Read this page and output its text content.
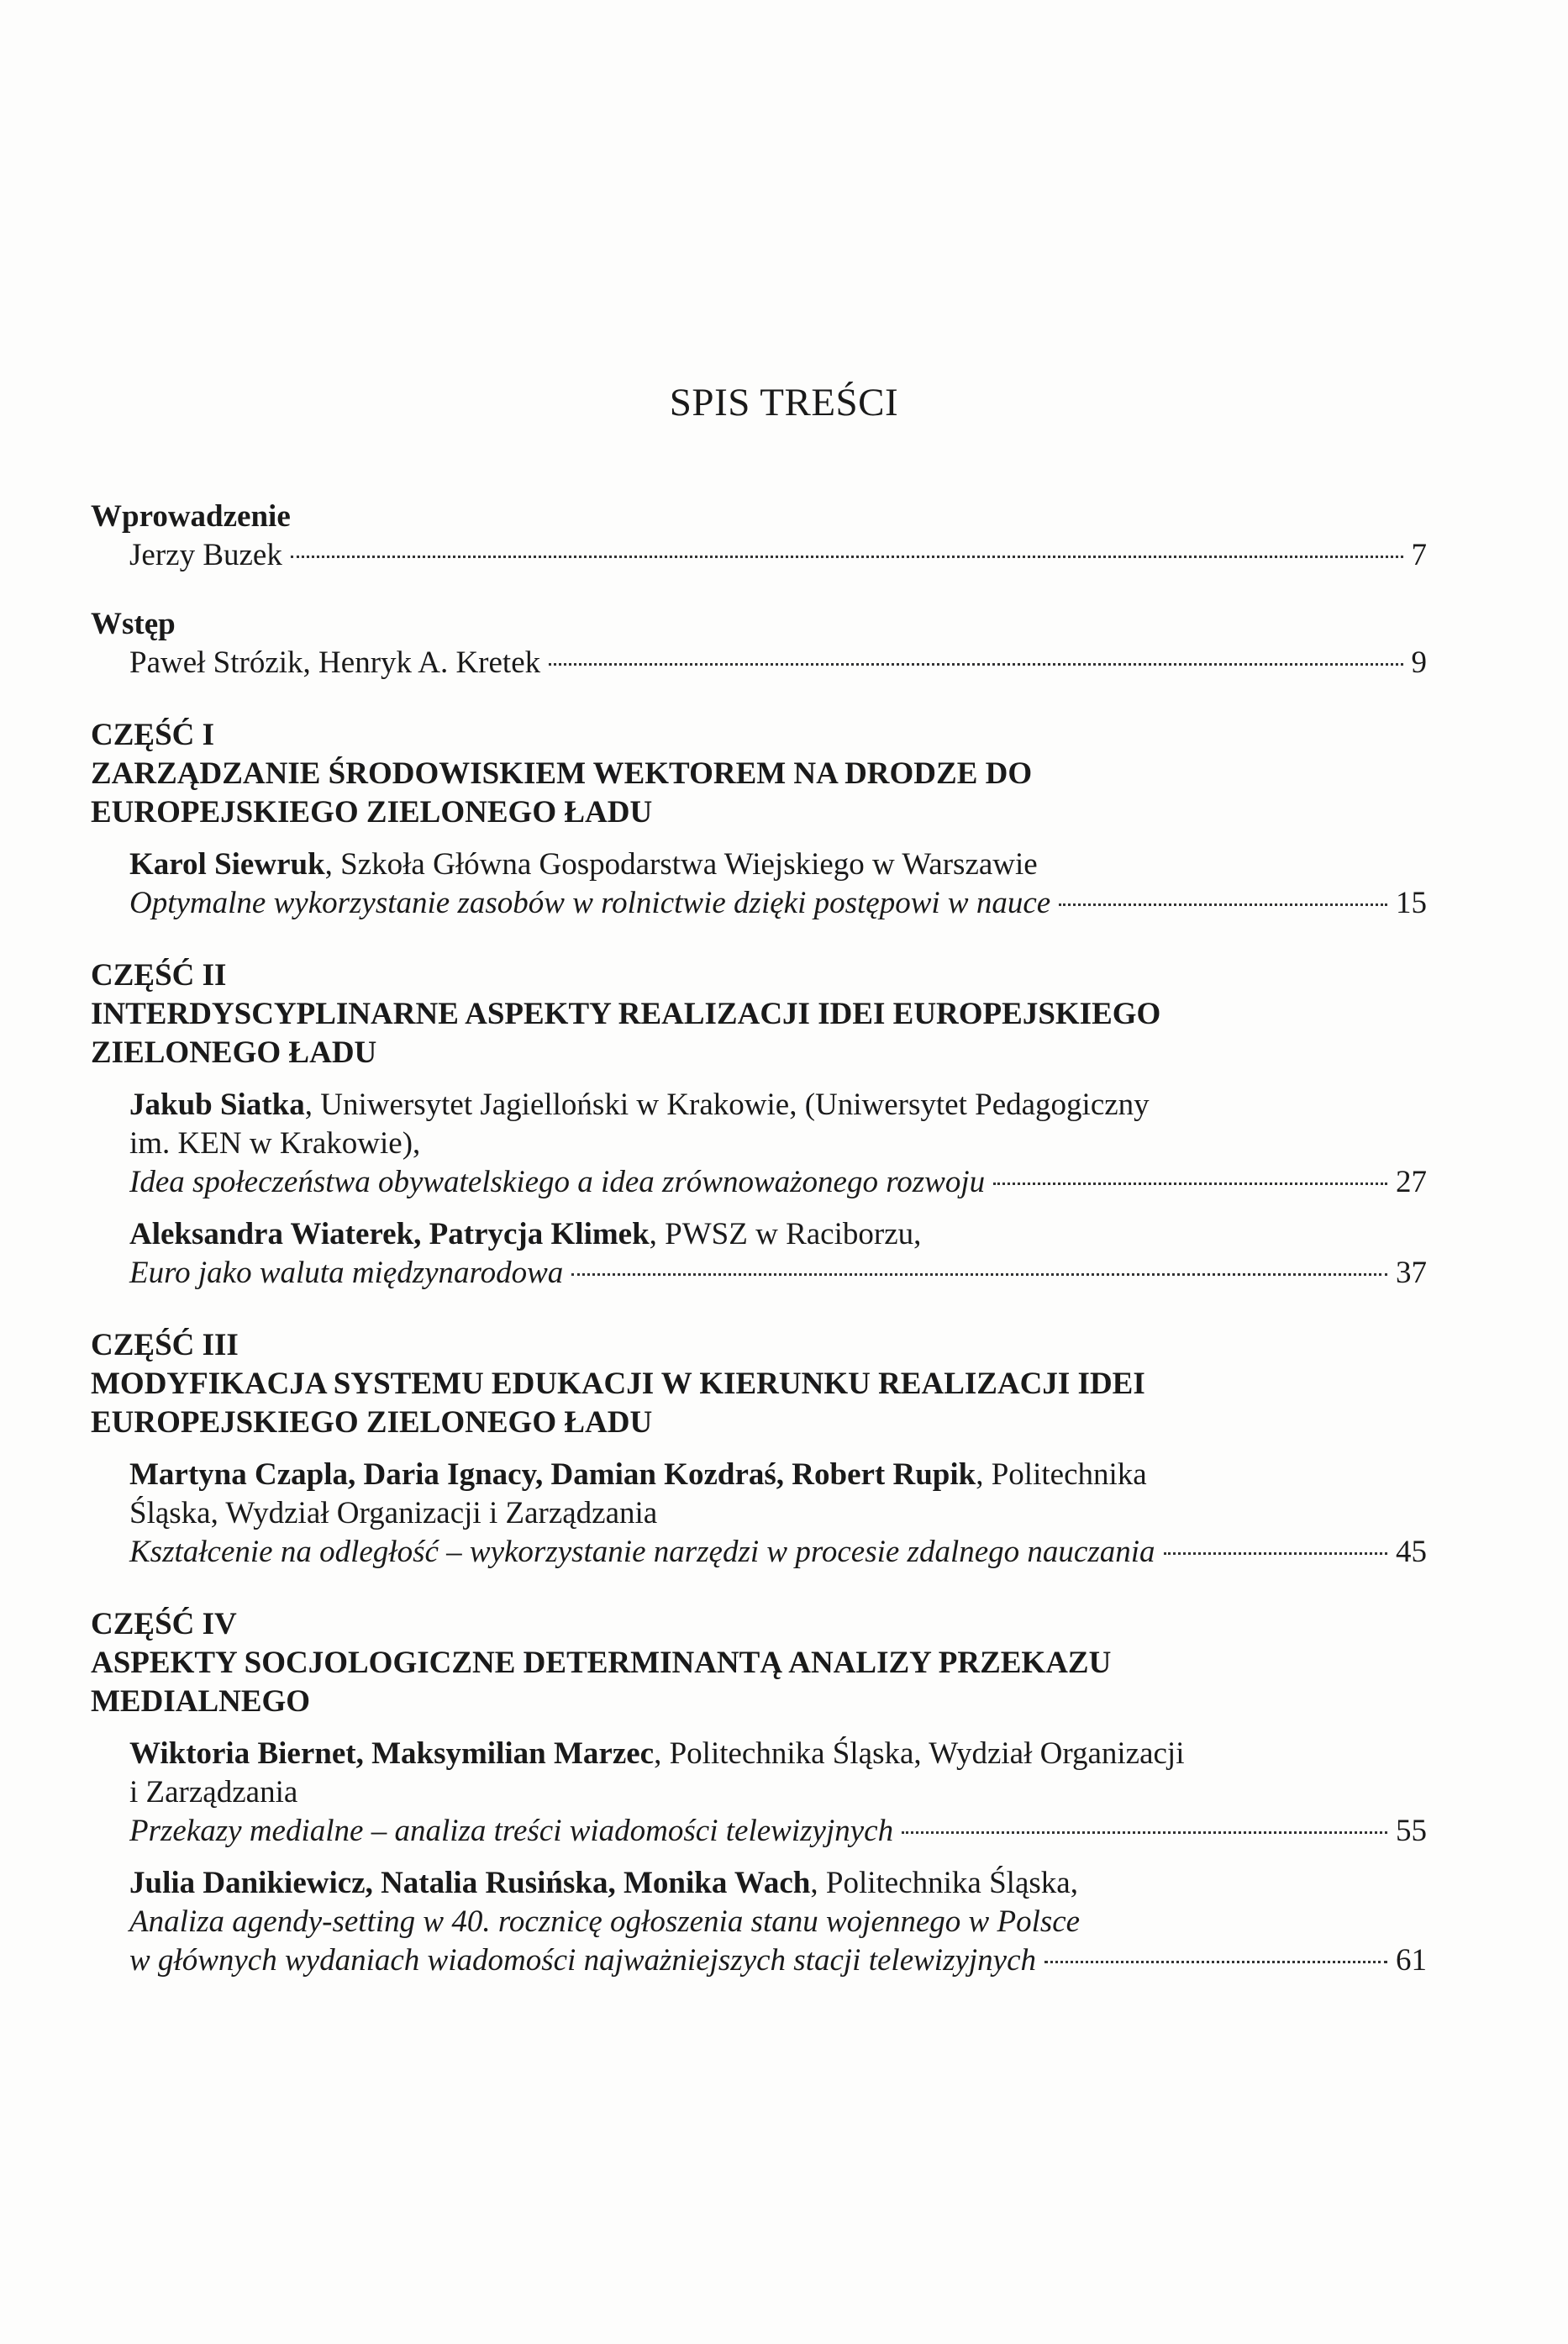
SPIS TREŚCI

Wprowadzenie

Jerzy Buzek	7

Wstęp

Paweł Strózik, Henryk A. Kretek	9

CZĘŚĆ I

ZARZĄDZANIE ŚRODOWISKIEM WEKTOREM NA DRODZE DO

EUROPEJSKIEGO ZIELONEGO ŁADU

Karol Siewruk, Szkoła Główna Gospodarstwa Wiejskiego w Warszawie

Optymalne wykorzystanie zasobów w rolnictwie dzięki postępowi w nauce	15

CZĘŚĆ II

INTERDYSCYPLINARNE ASPEKTY REALIZACJI IDEI EUROPEJSKIEGO

ZIELONEGO ŁADU

Jakub Siatka, Uniwersytet Jagielloński w Krakowie, (Uniwersytet Pedagogiczny

im. KEN w Krakowie),

Idea społeczeństwa obywatelskiego a idea zrównoważonego rozwoju	27

Aleksandra Wiaterek, Patrycja Klimek, PWSZ w Raciborzu,

Euro jako waluta międzynarodowa	37

CZĘŚĆ III

MODYFIKACJA SYSTEMU EDUKACJI W KIERUNKU REALIZACJI IDEI

EUROPEJSKIEGO ZIELONEGO ŁADU

Martyna Czapla, Daria Ignacy, Damian Kozdraś, Robert Rupik, Politechnika

Śląska, Wydział Organizacji i Zarządzania

Kształcenie na odległość – wykorzystanie narzędzi w procesie zdalnego nauczania	45

CZĘŚĆ IV

ASPEKTY SOCJOLOGICZNE DETERMINANTĄ ANALIZY PRZEKAZU

MEDIALNEGO

Wiktoria Biernet, Maksymilian Marzec, Politechnika Śląska, Wydział Organizacji

i Zarządzania

Przekazy medialne – analiza treści wiadomości telewizyjnych	55

Julia Danikiewicz, Natalia Rusińska, Monika Wach, Politechnika Śląska,

Analiza agendy-setting w 40. rocznicę ogłoszenia stanu wojennego w Polsce

w głównych wydaniach wiadomości najważniejszych stacji telewizyjnych	61
